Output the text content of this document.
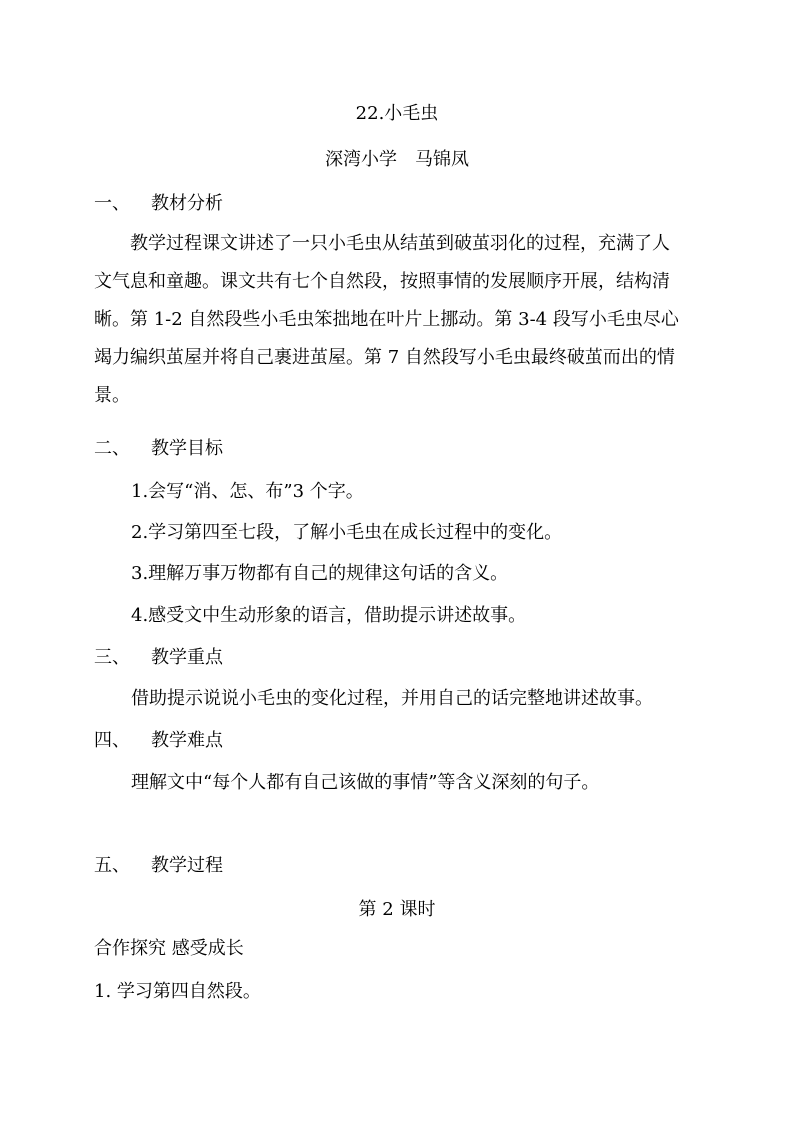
22.小毛虫
深湾小学　马锦凤
一、 教材分析
教学过程课文讲述了一只小毛虫从结茧到破茧羽化的过程，充满了人
文气息和童趣。课文共有七个自然段，按照事情的发展顺序开展，结构清
晰。第 1-2 自然段些小毛虫笨拙地在叶片上挪动。第 3-4 段写小毛虫尽心
竭力编织茧屋并将自己裹进茧屋。第 7 自然段写小毛虫最终破茧而出的情
景。
二、 教学目标
1.会写“消、怎、布”3 个字。
2.学习第四至七段，了解小毛虫在成长过程中的变化。
3.理解万事万物都有自己的规律这句话的含义。
4.感受文中生动形象的语言，借助提示讲述故事。
三、 教学重点
借助提示说说小毛虫的变化过程，并用自己的话完整地讲述故事。
四、 教学难点
理解文中“每个人都有自己该做的事情”等含义深刻的句子。
五、 教学过程
第 2 课时
合作探究 感受成长
1. 学习第四自然段。
